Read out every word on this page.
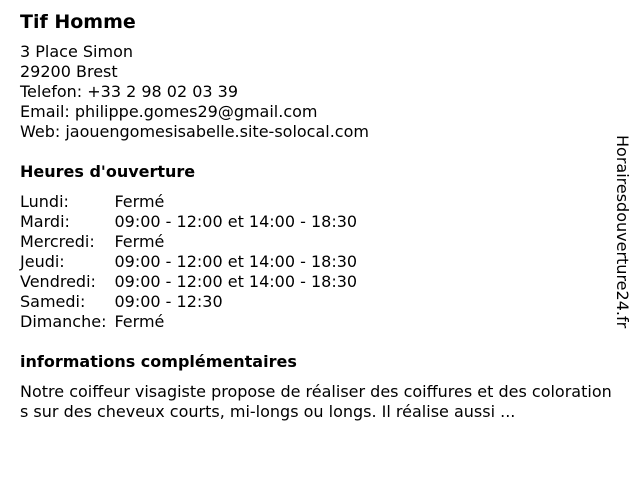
Tif Homme
3 Place Simon
29200 Brest
Telefon: +33 2 98 02 03 39
Email: philippe.gomes29@gmail.com
Web: jaouengomesisabelle.site-solocal.com
Heures d'ouverture
Lundi:	Fermé
Mardi:	09:00 - 12:00 et 14:00 - 18:30
Mercredi:	Fermé
Jeudi:	09:00 - 12:00 et 14:00 - 18:30
Vendredi:	09:00 - 12:00 et 14:00 - 18:30
Samedi:	09:00 - 12:30
Dimanche:	Fermé
informations complémentaires
Notre coiffeur visagiste propose de réaliser des coiffures et des colorations sur des cheveux courts, mi-longs ou longs. Il réalise aussi ...
Horairesdouverture24.fr
